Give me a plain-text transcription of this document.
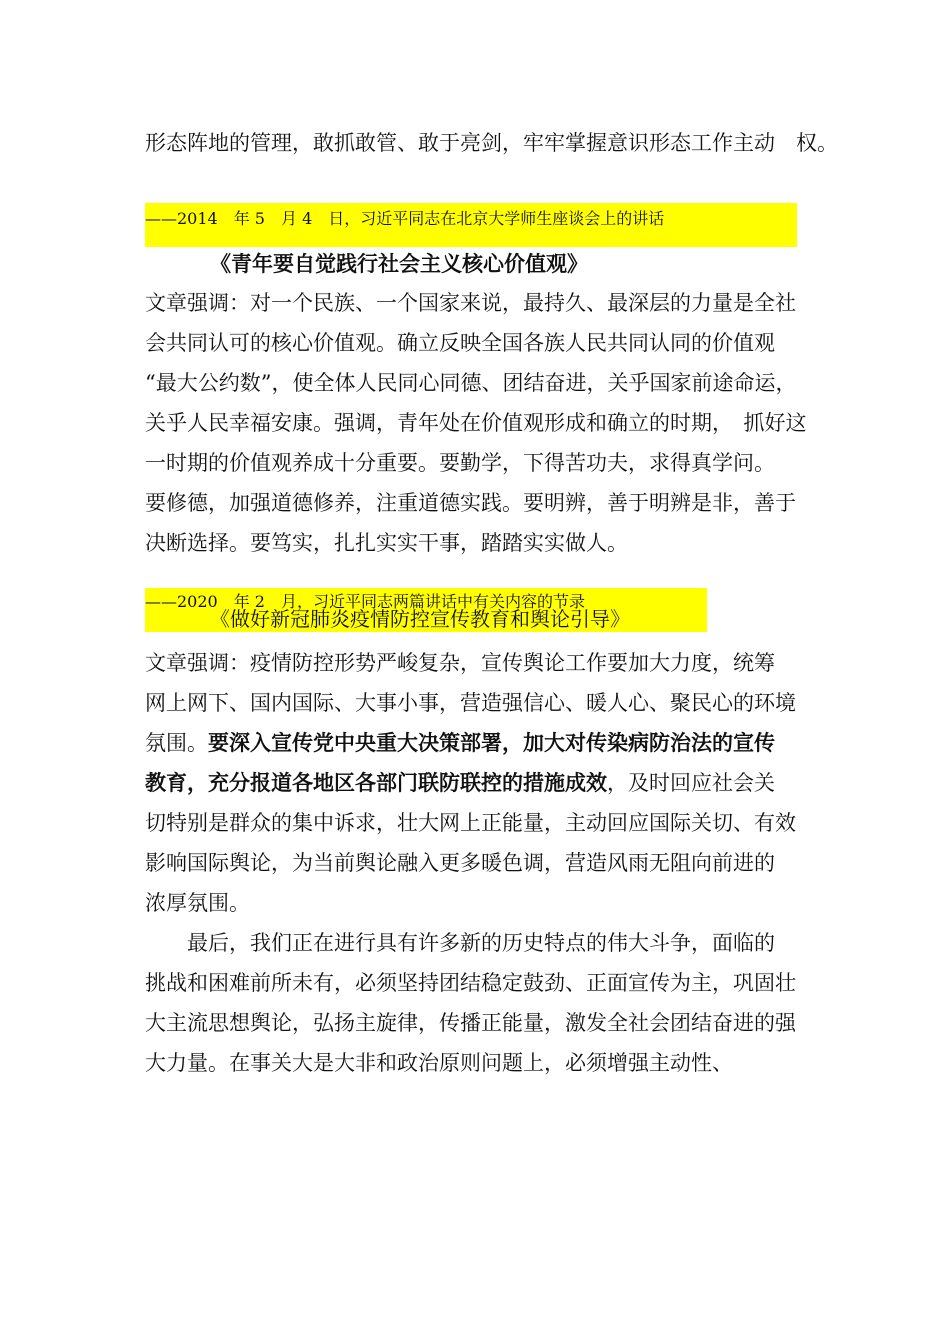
形态阵地的管理，敢抓敢管、敢于亮剑，牢牢掌握意识形态工作主动　权。
——2014　年 5　月 4　日，习近平同志在北京大学师生座谈会上的讲话
《青年要自觉践行社会主义核心价值观》
文章强调：对一个民族、一个国家来说，最持久、最深层的力量是全社
会共同认可的核心价值观。确立反映全国各族人民共同认同的价值观
“最大公约数”，使全体人民同心同德、团结奋进，关乎国家前途命运，
关乎人民幸福安康。强调，青年处在价值观形成和确立的时期，　抓好这
一时期的价值观养成十分重要。要勤学，下得苦功夫，求得真学问。
要修德，加强道德修养，注重道德实践。要明辨，善于明辨是非，善于
决断选择。要笃实，扎扎实实干事，踏踏实实做人。
——2020　年 2　月，习近平同志两篇讲话中有关内容的节录
《做好新冠肺炎疫情防控宣传教育和舆论引导》
文章强调：疫情防控形势严峻复杂，宣传舆论工作要加大力度，统筹
网上网下、国内国际、大事小事，营造强信心、暖人心、聚民心的环境
氛围。要深入宣传党中央重大决策部署，加大对传染病防治法的宣传
教育，充分报道各地区各部门联防联控的措施成效，及时回应社会关
切特别是群众的集中诉求，壮大网上正能量，主动回应国际关切、有效
影响国际舆论，为当前舆论融入更多暖色调，营造风雨无阻向前进的
浓厚氛围。
　　最后，我们正在进行具有许多新的历史特点的伟大斗争，面临的
挑战和困难前所未有，必须坚持团结稳定鼓劲、正面宣传为主，巩固壮
大主流思想舆论，弘扬主旋律，传播正能量，激发全社会团结奋进的强
大力量。在事关大是大非和政治原则问题上，必须增强主动性、
